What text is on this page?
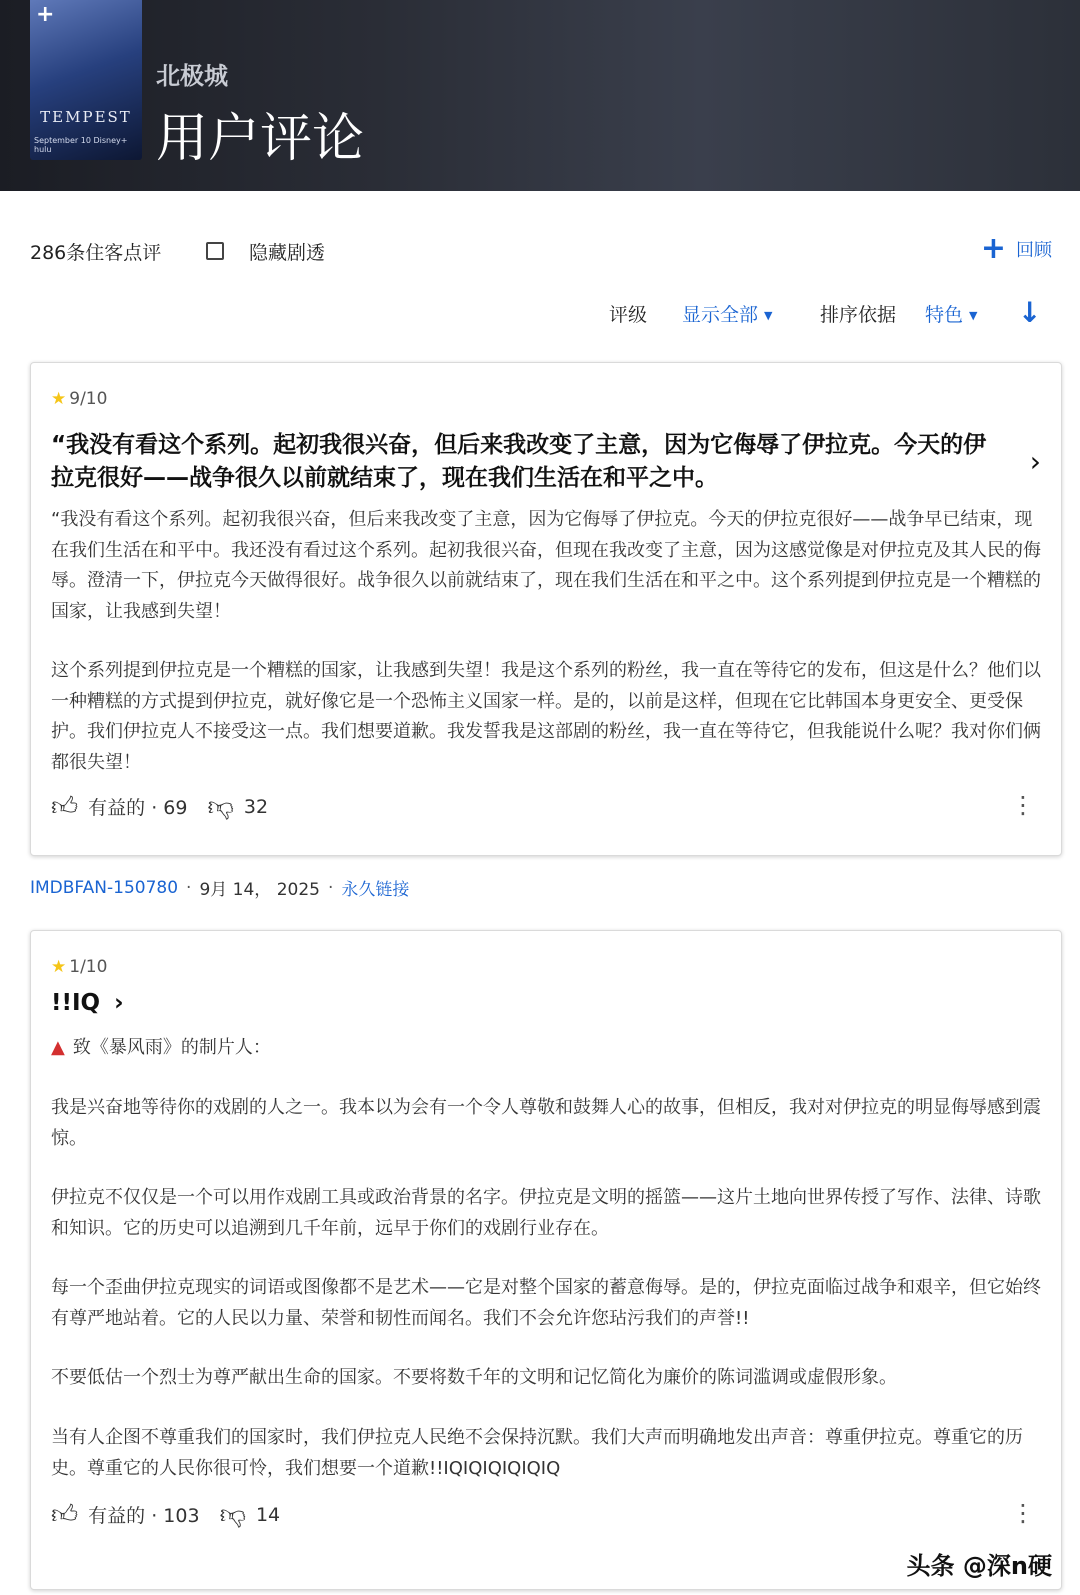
+
TEMPEST
September 10 Disney+ hulu
北极城
用户评论
286条住客点评	隐藏剧透	+ 回顾
评级 显示全部 ▼	排序依据 特色 ▼ ↓
★ 9/10
“我没有看这个系列。起初我很兴奋，但后来我改变了主意，因为它侮辱了伊拉克。今天的伊拉克很好——战争很久以前就结束了，现在我们生活在和平之中。	›

“我没有看这个系列。起初我很兴奋，但后来我改变了主意，因为它侮辱了伊拉克。今天的伊拉克很好——战争早已结束，现在我们生活在和平中。我还没有看过这个系列。起初我很兴奋，但现在我改变了主意，因为这感觉像是对伊拉克及其人民的侮辱。澄清一下，伊拉克今天做得很好。战争很久以前就结束了，现在我们生活在和平之中。这个系列提到伊拉克是一个糟糕的国家，让我感到失望！

这个系列提到伊拉克是一个糟糕的国家，让我感到失望！我是这个系列的粉丝，我一直在等待它的发布，但这是什么？他们以一种糟糕的方式提到伊拉克，就好像它是一个恐怖主义国家一样。是的，以前是这样，但现在它比韩国本身更安全、更受保护。我们伊拉克人不接受这一点。我们想要道歉。我发誓我是这部剧的粉丝，我一直在等待它，但我能说什么呢？我对你们俩都很失望！

👍︎ 有益的 · 69 👎︎ 32	⋮
IMDBFAN-150780 · 9月 14， 2025 · 永久链接
★ 1/10
!!IQ ›

▲ 致《暴风雨》的制片人：

我是兴奋地等待你的戏剧的人之一。我本以为会有一个令人尊敬和鼓舞人心的故事，但相反，我对对伊拉克的明显侮辱感到震惊。

伊拉克不仅仅是一个可以用作戏剧工具或政治背景的名字。伊拉克是文明的摇篮——这片土地向世界传授了写作、法律、诗歌和知识。它的历史可以追溯到几千年前，远早于你们的戏剧行业存在。

每一个歪曲伊拉克现实的词语或图像都不是艺术——它是对整个国家的蓄意侮辱。是的，伊拉克面临过战争和艰辛，但它始终有尊严地站着。它的人民以力量、荣誉和韧性而闻名。我们不会允许您玷污我们的声誉!!

不要低估一个烈士为尊严献出生命的国家。不要将数千年的文明和记忆简化为廉价的陈词滥调或虚假形象。

当有人企图不尊重我们的国家时，我们伊拉克人民绝不会保持沉默。我们大声而明确地发出声音：尊重伊拉克。尊重它的历史。尊重它的人民你很可怜，我们想要一个道歉!!IQIQIQIQIQIQ

👍︎ 有益的 · 103 👎︎ 14	⋮
头条 @深n硬
